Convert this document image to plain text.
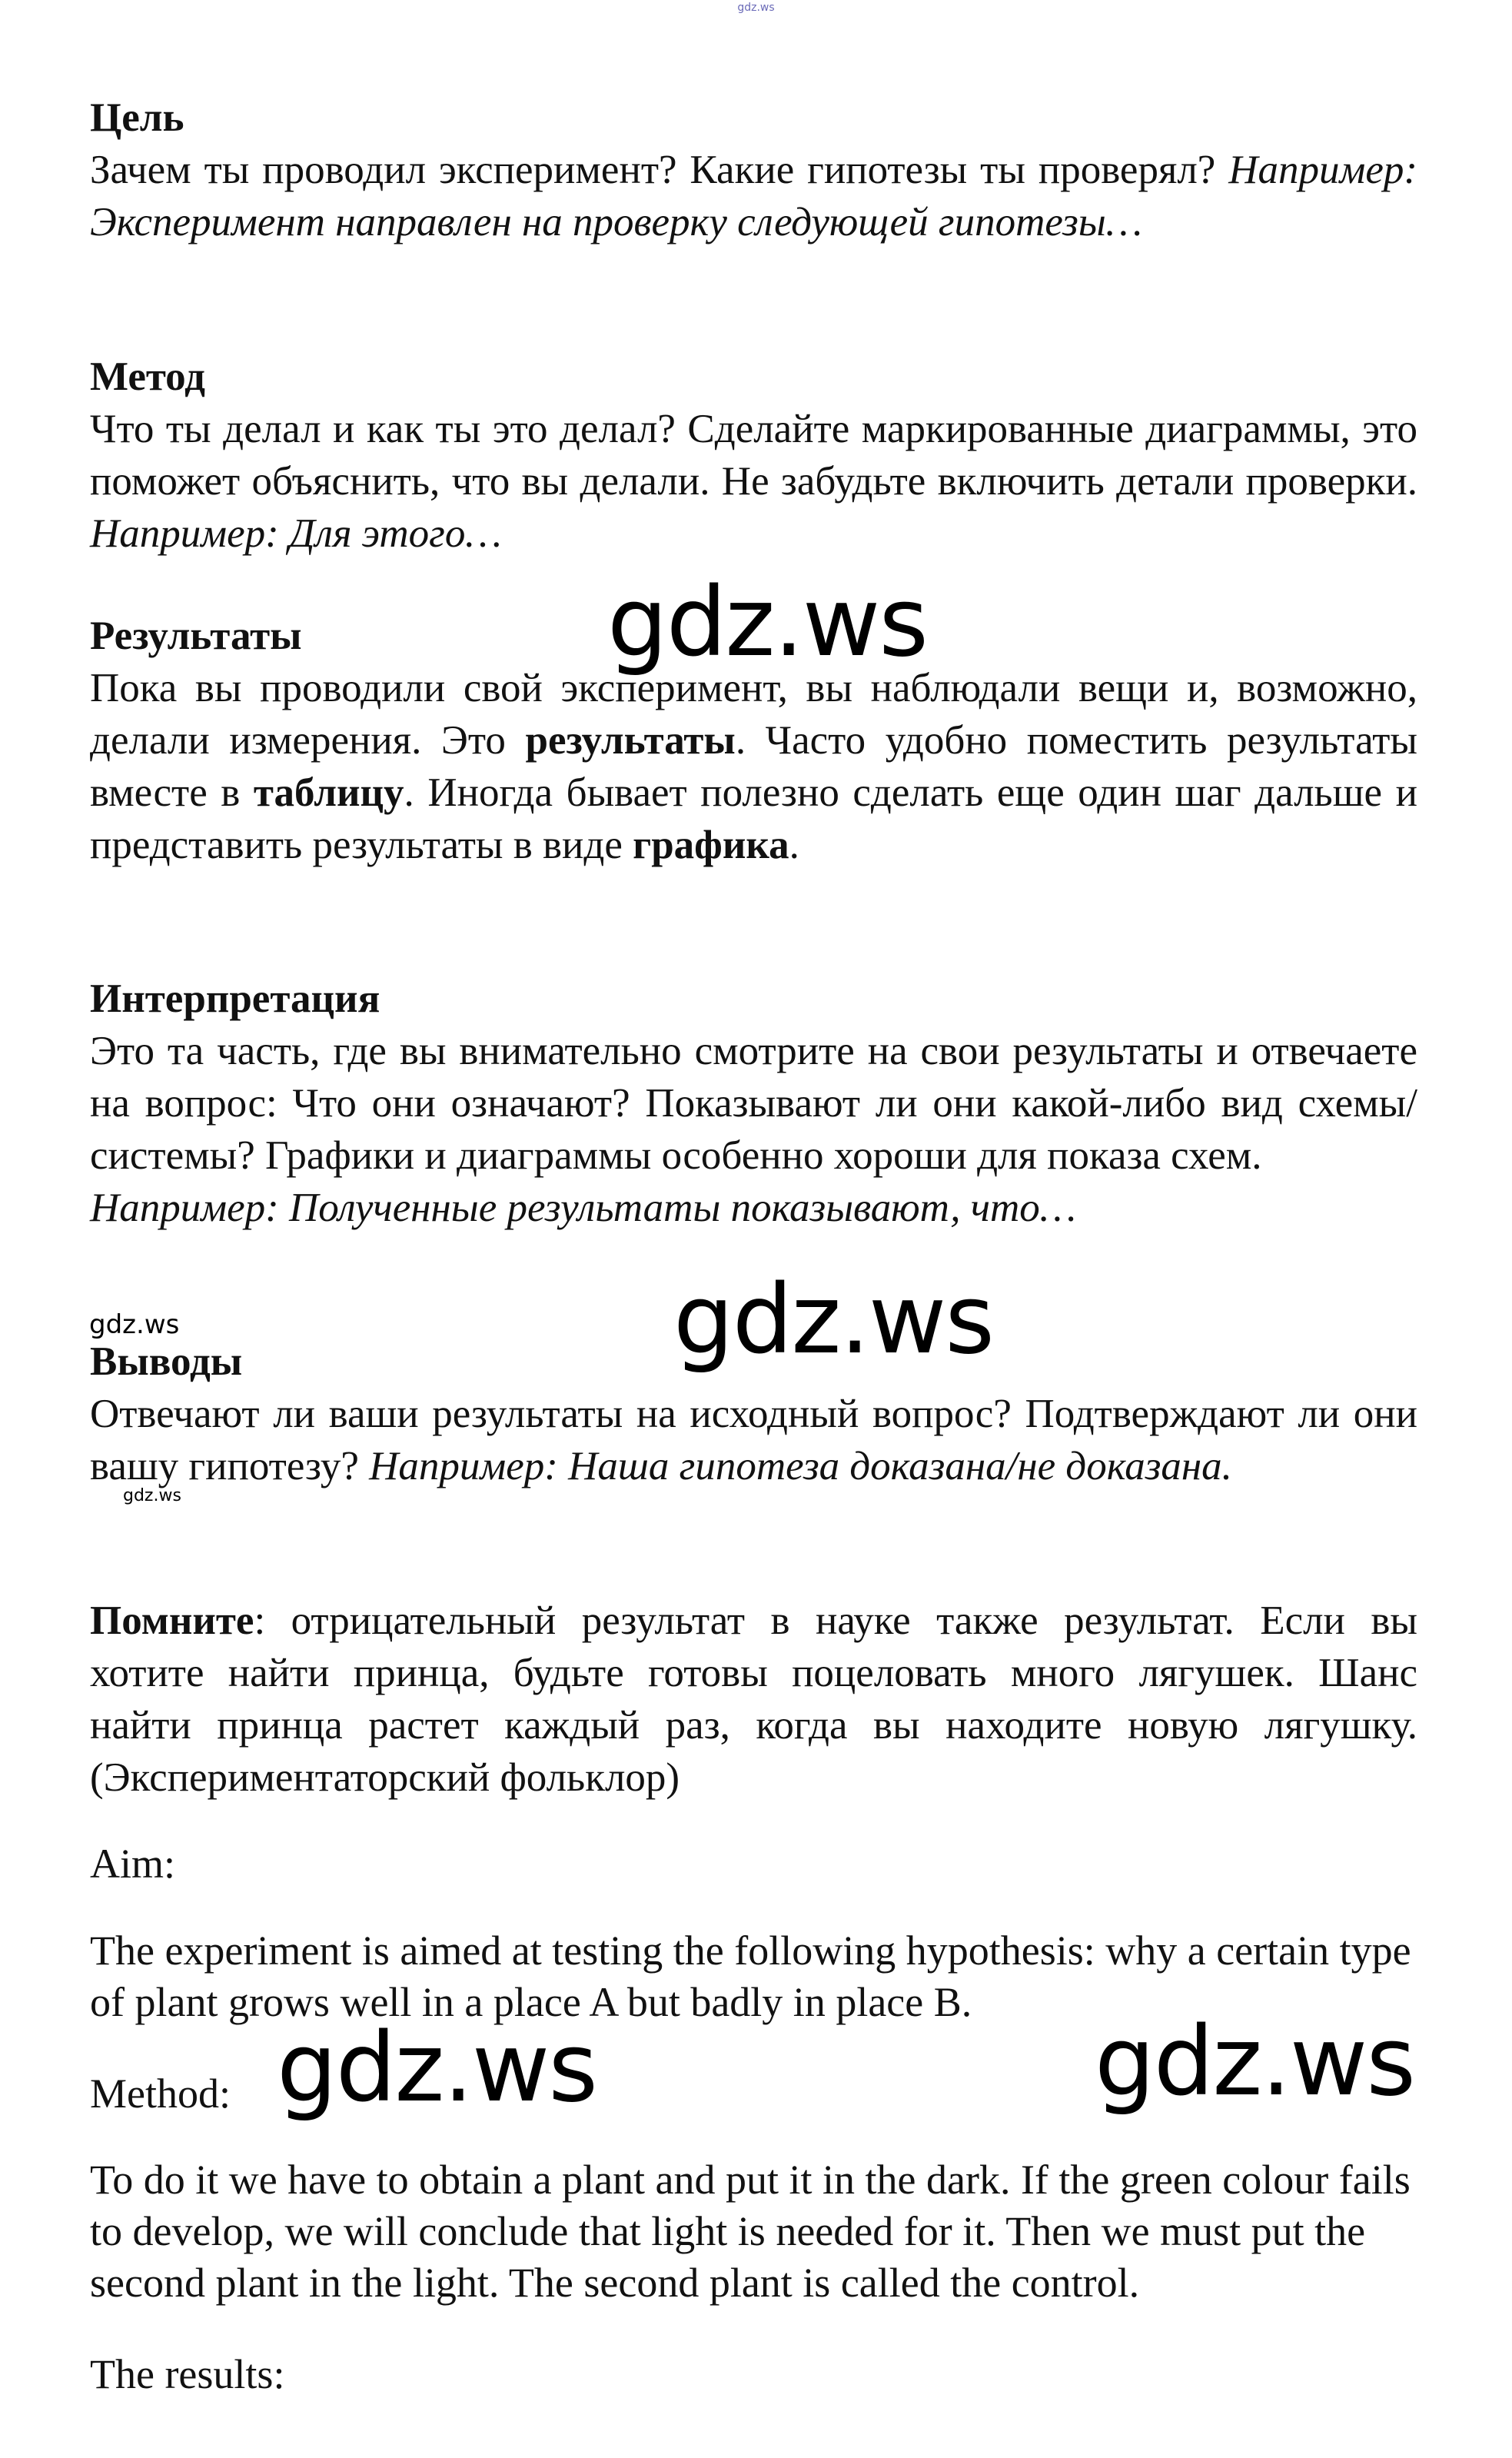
gdz.ws
Цель
Зачем ты проводил эксперимент? Какие гипотезы ты проверял? Например: Эксперимент направлен на проверку следующей гипотезы…
Метод
Что ты делал и как ты это делал? Сделайте маркированные диаграммы, это поможет объяснить, что вы делали. Не забудьте включить детали проверки. Например: Для этого…
Результаты
Пока вы проводили свой эксперимент, вы наблюдали вещи и, возможно, делали измерения. Это результаты. Часто удобно поместить результаты вместе в таблицу. Иногда бывает полезно сделать еще один шаг дальше и представить результаты в виде графика.
Интерпретация
Это та часть, где вы внимательно смотрите на свои результаты и отвечаете на вопрос: Что они означают? Показывают ли они какой-либо вид схемы/системы? Графики и диаграммы особенно хороши для показа схем.
Например: Полученные результаты показывают, что…
Выводы
Отвечают ли ваши результаты на исходный вопрос? Подтверждают ли они вашу гипотезу? Например: Наша гипотеза доказана/не доказана.
Помните: отрицательный результат в науке также результат. Если вы хотите найти принца, будьте готовы поцеловать много лягушек. Шанс найти принца растет каждый раз, когда вы находите новую лягушку. (Экспериментаторский фольклор)
Aim:
The experiment is aimed at testing the following hypothesis: why a certain type of plant grows well in a place A but badly in place B.
Method:
To do it we have to obtain a plant and put it in the dark. If the green colour fails to develop, we will conclude that light is needed for it. Then we must put the second plant in the light. The second plant is called the control.
The results:
gdz.ws
gdz.ws
gdz.ws	gdz.ws
gdz.ws
gdz.ws
